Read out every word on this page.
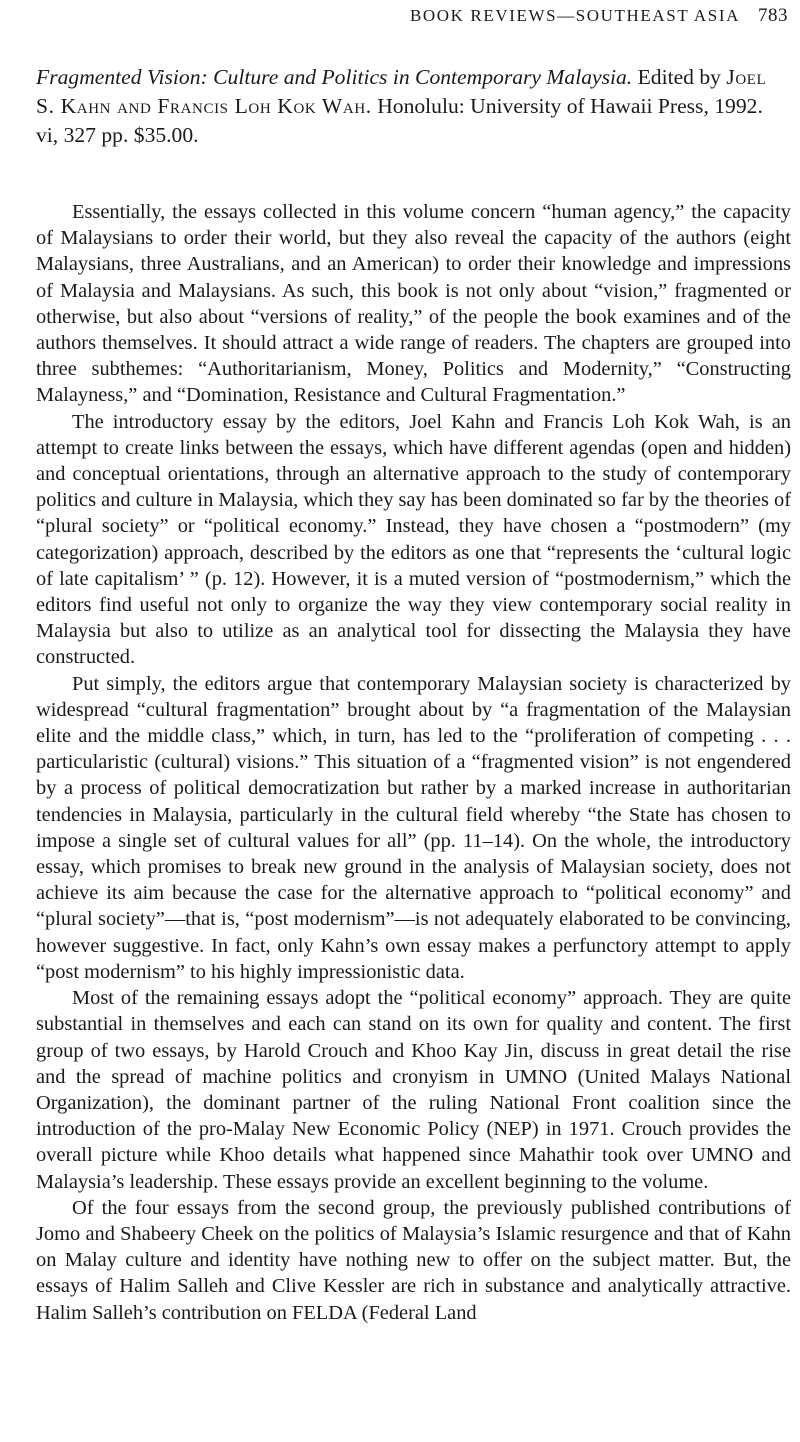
BOOK REVIEWS—SOUTHEAST ASIA 783
Fragmented Vision: Culture and Politics in Contemporary Malaysia. Edited by Joel S. Kahn and Francis Loh Kok Wah. Honolulu: University of Hawaii Press, 1992. vi, 327 pp. $35.00.

Essentially, the essays collected in this volume concern “human agency,” the capacity of Malaysians to order their world, but they also reveal the capacity of the authors (eight Malaysians, three Australians, and an American) to order their knowledge and impressions of Malaysia and Malaysians. As such, this book is not only about “vision,” fragmented or otherwise, but also about “versions of reality,” of the people the book examines and of the authors themselves. It should attract a wide range of readers. The chapters are grouped into three subthemes: “Authoritarianism, Money, Politics and Modernity,” “Constructing Malayness,” and “Domination, Resistance and Cultural Fragmentation.”

The introductory essay by the editors, Joel Kahn and Francis Loh Kok Wah, is an attempt to create links between the essays, which have different agendas (open and hidden) and conceptual orientations, through an alternative approach to the study of contemporary politics and culture in Malaysia, which they say has been dominated so far by the theories of “plural society” or “political economy.” Instead, they have chosen a “postmodern” (my categorization) approach, described by the editors as one that “represents the ‘cultural logic of late capitalism’ ” (p. 12). However, it is a muted version of “postmodernism,” which the editors find useful not only to organize the way they view contemporary social reality in Malaysia but also to utilize as an analytical tool for dissecting the Malaysia they have constructed.

Put simply, the editors argue that contemporary Malaysian society is characterized by widespread “cultural fragmentation” brought about by “a fragmentation of the Malaysian elite and the middle class,” which, in turn, has led to the “proliferation of competing . . . particularistic (cultural) visions.” This situation of a “fragmented vision” is not engendered by a process of political democratization but rather by a marked increase in authoritarian tendencies in Malaysia, particularly in the cultural field whereby “the State has chosen to impose a single set of cultural values for all” (pp. 11–14). On the whole, the introductory essay, which promises to break new ground in the analysis of Malaysian society, does not achieve its aim because the case for the alternative approach to “political economy” and “plural society”—that is, “post modernism”—is not adequately elaborated to be convincing, however suggestive. In fact, only Kahn’s own essay makes a perfunctory attempt to apply “post modernism” to his highly impressionistic data.

Most of the remaining essays adopt the “political economy” approach. They are quite substantial in themselves and each can stand on its own for quality and content. The first group of two essays, by Harold Crouch and Khoo Kay Jin, discuss in great detail the rise and the spread of machine politics and cronyism in UMNO (United Malays National Organization), the dominant partner of the ruling National Front coalition since the introduction of the pro-Malay New Economic Policy (NEP) in 1971. Crouch provides the overall picture while Khoo details what happened since Mahathir took over UMNO and Malaysia’s leadership. These essays provide an excellent beginning to the volume.

Of the four essays from the second group, the previously published contributions of Jomo and Shabeery Cheek on the politics of Malaysia’s Islamic resurgence and that of Kahn on Malay culture and identity have nothing new to offer on the subject matter. But, the essays of Halim Salleh and Clive Kessler are rich in substance and analytically attractive. Halim Salleh’s contribution on FELDA (Federal Land
